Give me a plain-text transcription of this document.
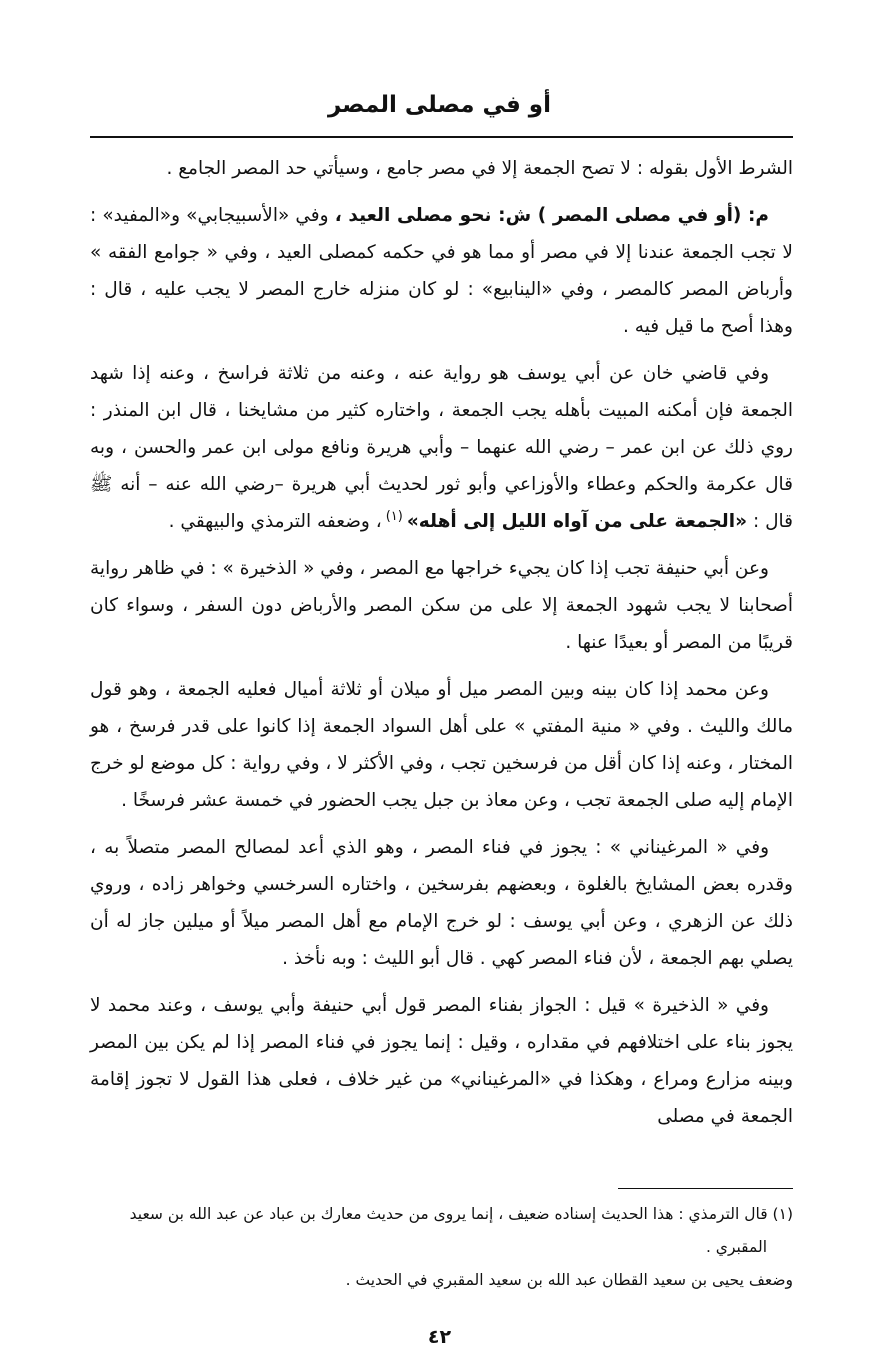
أو في مصلى المصر

الشرط الأول بقوله : لا تصح الجمعة إلا في مصر جامع ، وسيأتي حد المصر الجامع .

م: (أو في مصلى المصر ) ش: نحو مصلى العيد ، وفي «الأسبيجابي» و«المفيد» : لا تجب الجمعة عندنا إلا في مصر أو مما هو في حكمه كمصلى العيد ، وفي « جوامع الفقه » وأرباض المصر كالمصر ، وفي «الينابيع» : لو كان منزله خارج المصر لا يجب عليه ، قال : وهذا أصح ما قيل فيه .

وفي قاضي خان عن أبي يوسف هو رواية عنه ، وعنه من ثلاثة فراسخ ، وعنه إذا شهد الجمعة فإن أمكنه المبيت بأهله يجب الجمعة ، واختاره كثير من مشايخنا ، قال ابن المنذر : روي ذلك عن ابن عمر – رضي الله عنهما – وأبي هريرة ونافع مولى ابن عمر والحسن ، وبه قال عكرمة والحكم وعطاء والأوزاعي وأبو ثور لحديث أبي هريرة –رضي الله عنه – أنه ﷺ قال : «الجمعة على من آواه الليل إلى أهله»$^{(١)}$، وضعفه الترمذي والبيهقي .

وعن أبي حنيفة تجب إذا كان يجيء خراجها مع المصر ، وفي « الذخيرة » : في ظاهر رواية أصحابنا لا يجب شهود الجمعة إلا على من سكن المصر والأرباض دون السفر ، وسواء كان قريبًا من المصر أو بعيدًا عنها .

وعن محمد إذا كان بينه وبين المصر ميل أو ميلان أو ثلاثة أميال فعليه الجمعة ، وهو قول مالك والليث . وفي « منية المفتي » على أهل السواد الجمعة إذا كانوا على قدر فرسخ ، هو المختار ، وعنه إذا كان أقل من فرسخين تجب ، وفي الأكثر لا ، وفي رواية : كل موضع لو خرج الإمام إليه صلى الجمعة تجب ، وعن معاذ بن جبل يجب الحضور في خمسة عشر فرسخًا .

وفي « المرغيناني » : يجوز في فناء المصر ، وهو الذي أعد لمصالح المصر متصلاً به ، وقدره بعض المشايخ بالغلوة ، وبعضهم بفرسخين ، واختاره السرخسي وخواهر زاده ، وروي ذلك عن الزهري ، وعن أبي يوسف : لو خرج الإمام مع أهل المصر ميلاً أو ميلين جاز له أن يصلي بهم الجمعة ، لأن فناء المصر كهي . قال أبو الليث : وبه نأخذ .

وفي « الذخيرة » قيل : الجواز بفناء المصر قول أبي حنيفة وأبي يوسف ، وعند محمد لا يجوز بناء على اختلافهم في مقداره ، وقيل : إنما يجوز في فناء المصر إذا لم يكن بين المصر وبينه مزارع ومراع ، وهكذا في «المرغيناني» من غير خلاف ، فعلى هذا القول لا تجوز إقامة الجمعة في مصلى

(١) قال الترمذي : هذا الحديث إسناده ضعيف ، إنما يروى من حديث معارك بن عباد عن عبد الله بن سعيد

المقبري .

وضعف يحيى بن سعيد القطان عبد الله بن سعيد المقبري في الحديث .

٤٢
